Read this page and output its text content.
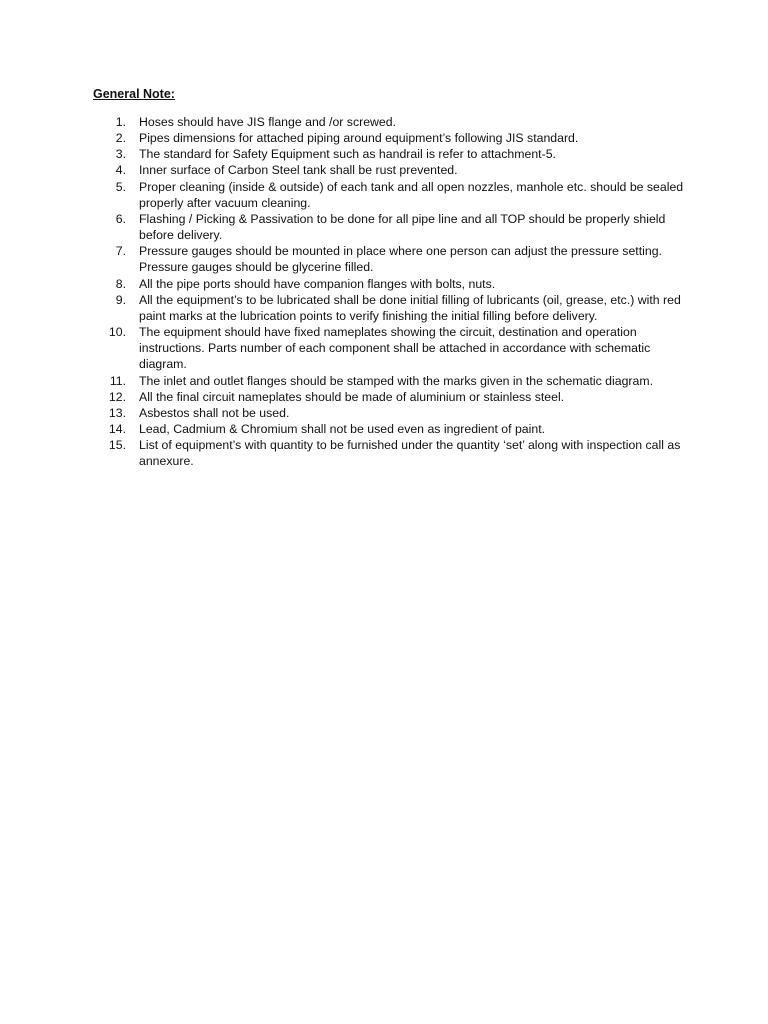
General Note:

1. Hoses should have JIS flange and /or screwed.
2. Pipes dimensions for attached piping around equipment’s following JIS standard.
3. The standard for Safety Equipment such as handrail is refer to attachment-5.
4. Inner surface of Carbon Steel tank shall be rust prevented.
5. Proper cleaning (inside & outside) of each tank and all open nozzles, manhole etc. should be sealed properly after vacuum cleaning.
6. Flashing / Picking & Passivation to be done for all pipe line and all TOP should be properly shield before delivery.
7. Pressure gauges should be mounted in place where one person can adjust the pressure setting. Pressure gauges should be glycerine filled.
8. All the pipe ports should have companion flanges with bolts, nuts.
9. All the equipment’s to be lubricated shall be done initial filling of lubricants (oil, grease, etc.) with red paint marks at the lubrication points to verify finishing the initial filling before delivery.
10. The equipment should have fixed nameplates showing the circuit, destination and operation instructions. Parts number of each component shall be attached in accordance with schematic diagram.
11. The inlet and outlet flanges should be stamped with the marks given in the schematic diagram.
12. All the final circuit nameplates should be made of aluminium or stainless steel.
13. Asbestos shall not be used.
14. Lead, Cadmium & Chromium shall not be used even as ingredient of paint.
15. List of equipment’s with quantity to be furnished under the quantity ‘set’ along with inspection call as annexure.
